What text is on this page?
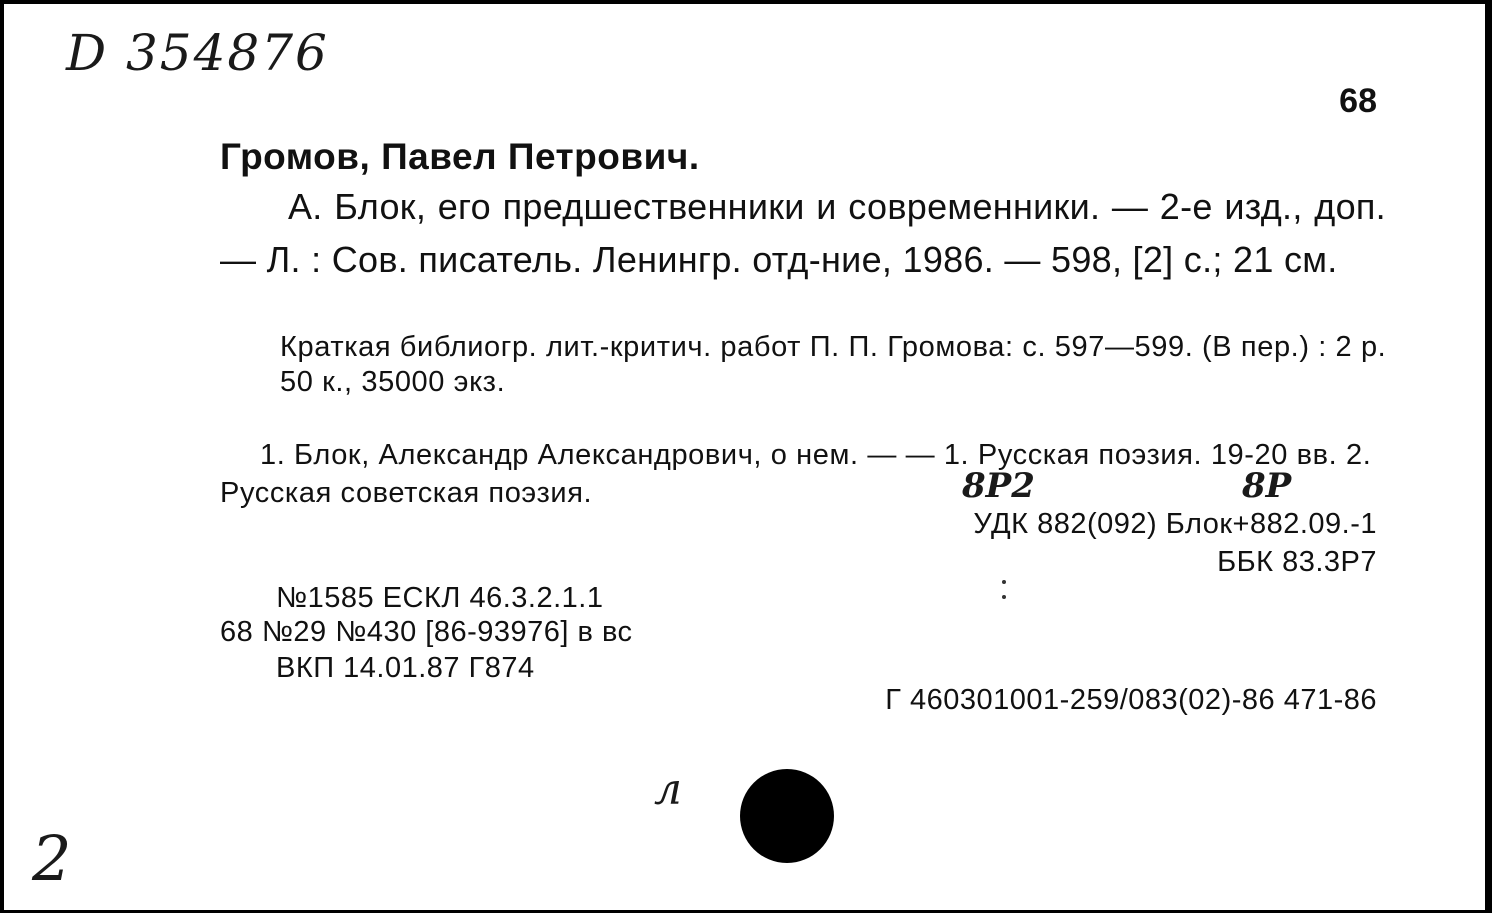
D 354876
68
Громов, Павел Петрович.
А. Блок, его предшественники и современники. — 2-е изд., доп. — Л. : Сов. писатель. Ленингр. отд-ние, 1986. — 598, [2] с.; 21 см.
Краткая библиогр. лит.-критич. работ П. П. Громова: с. 597—599. (В пер.) : 2 р. 50 к., 35000 экз.
1. Блок, Александр Александрович, о нем. — — 1. Русская поэзия. 19-20 вв. 2. Русская советская поэзия.	8Р2	8Р
УДК 882(092) Блок+882.09.-1
ББК 83.3Р7
№1585 ЕСКЛ 46.3.2.1.1
68 №29 №430 [86-93976] в вс
ВКП 14.01.87 Г874
Г 460301001-259/083(02)-86 471-86
л
2
